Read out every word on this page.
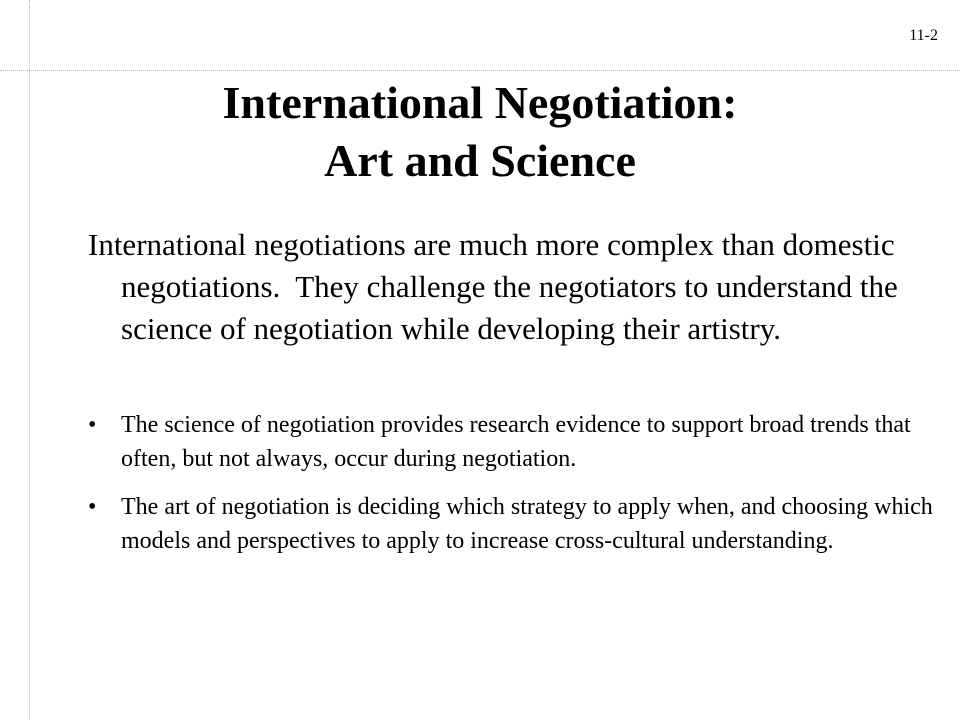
11-2
International Negotiation:
Art and Science

International negotiations are much more complex than domestic negotiations.  They challenge the negotiators to understand the science of negotiation while developing their artistry.

• The science of negotiation provides research evidence to support broad trends that often, but not always, occur during negotiation.
• The art of negotiation is deciding which strategy to apply when, and choosing which models and perspectives to apply to increase cross-cultural understanding.
